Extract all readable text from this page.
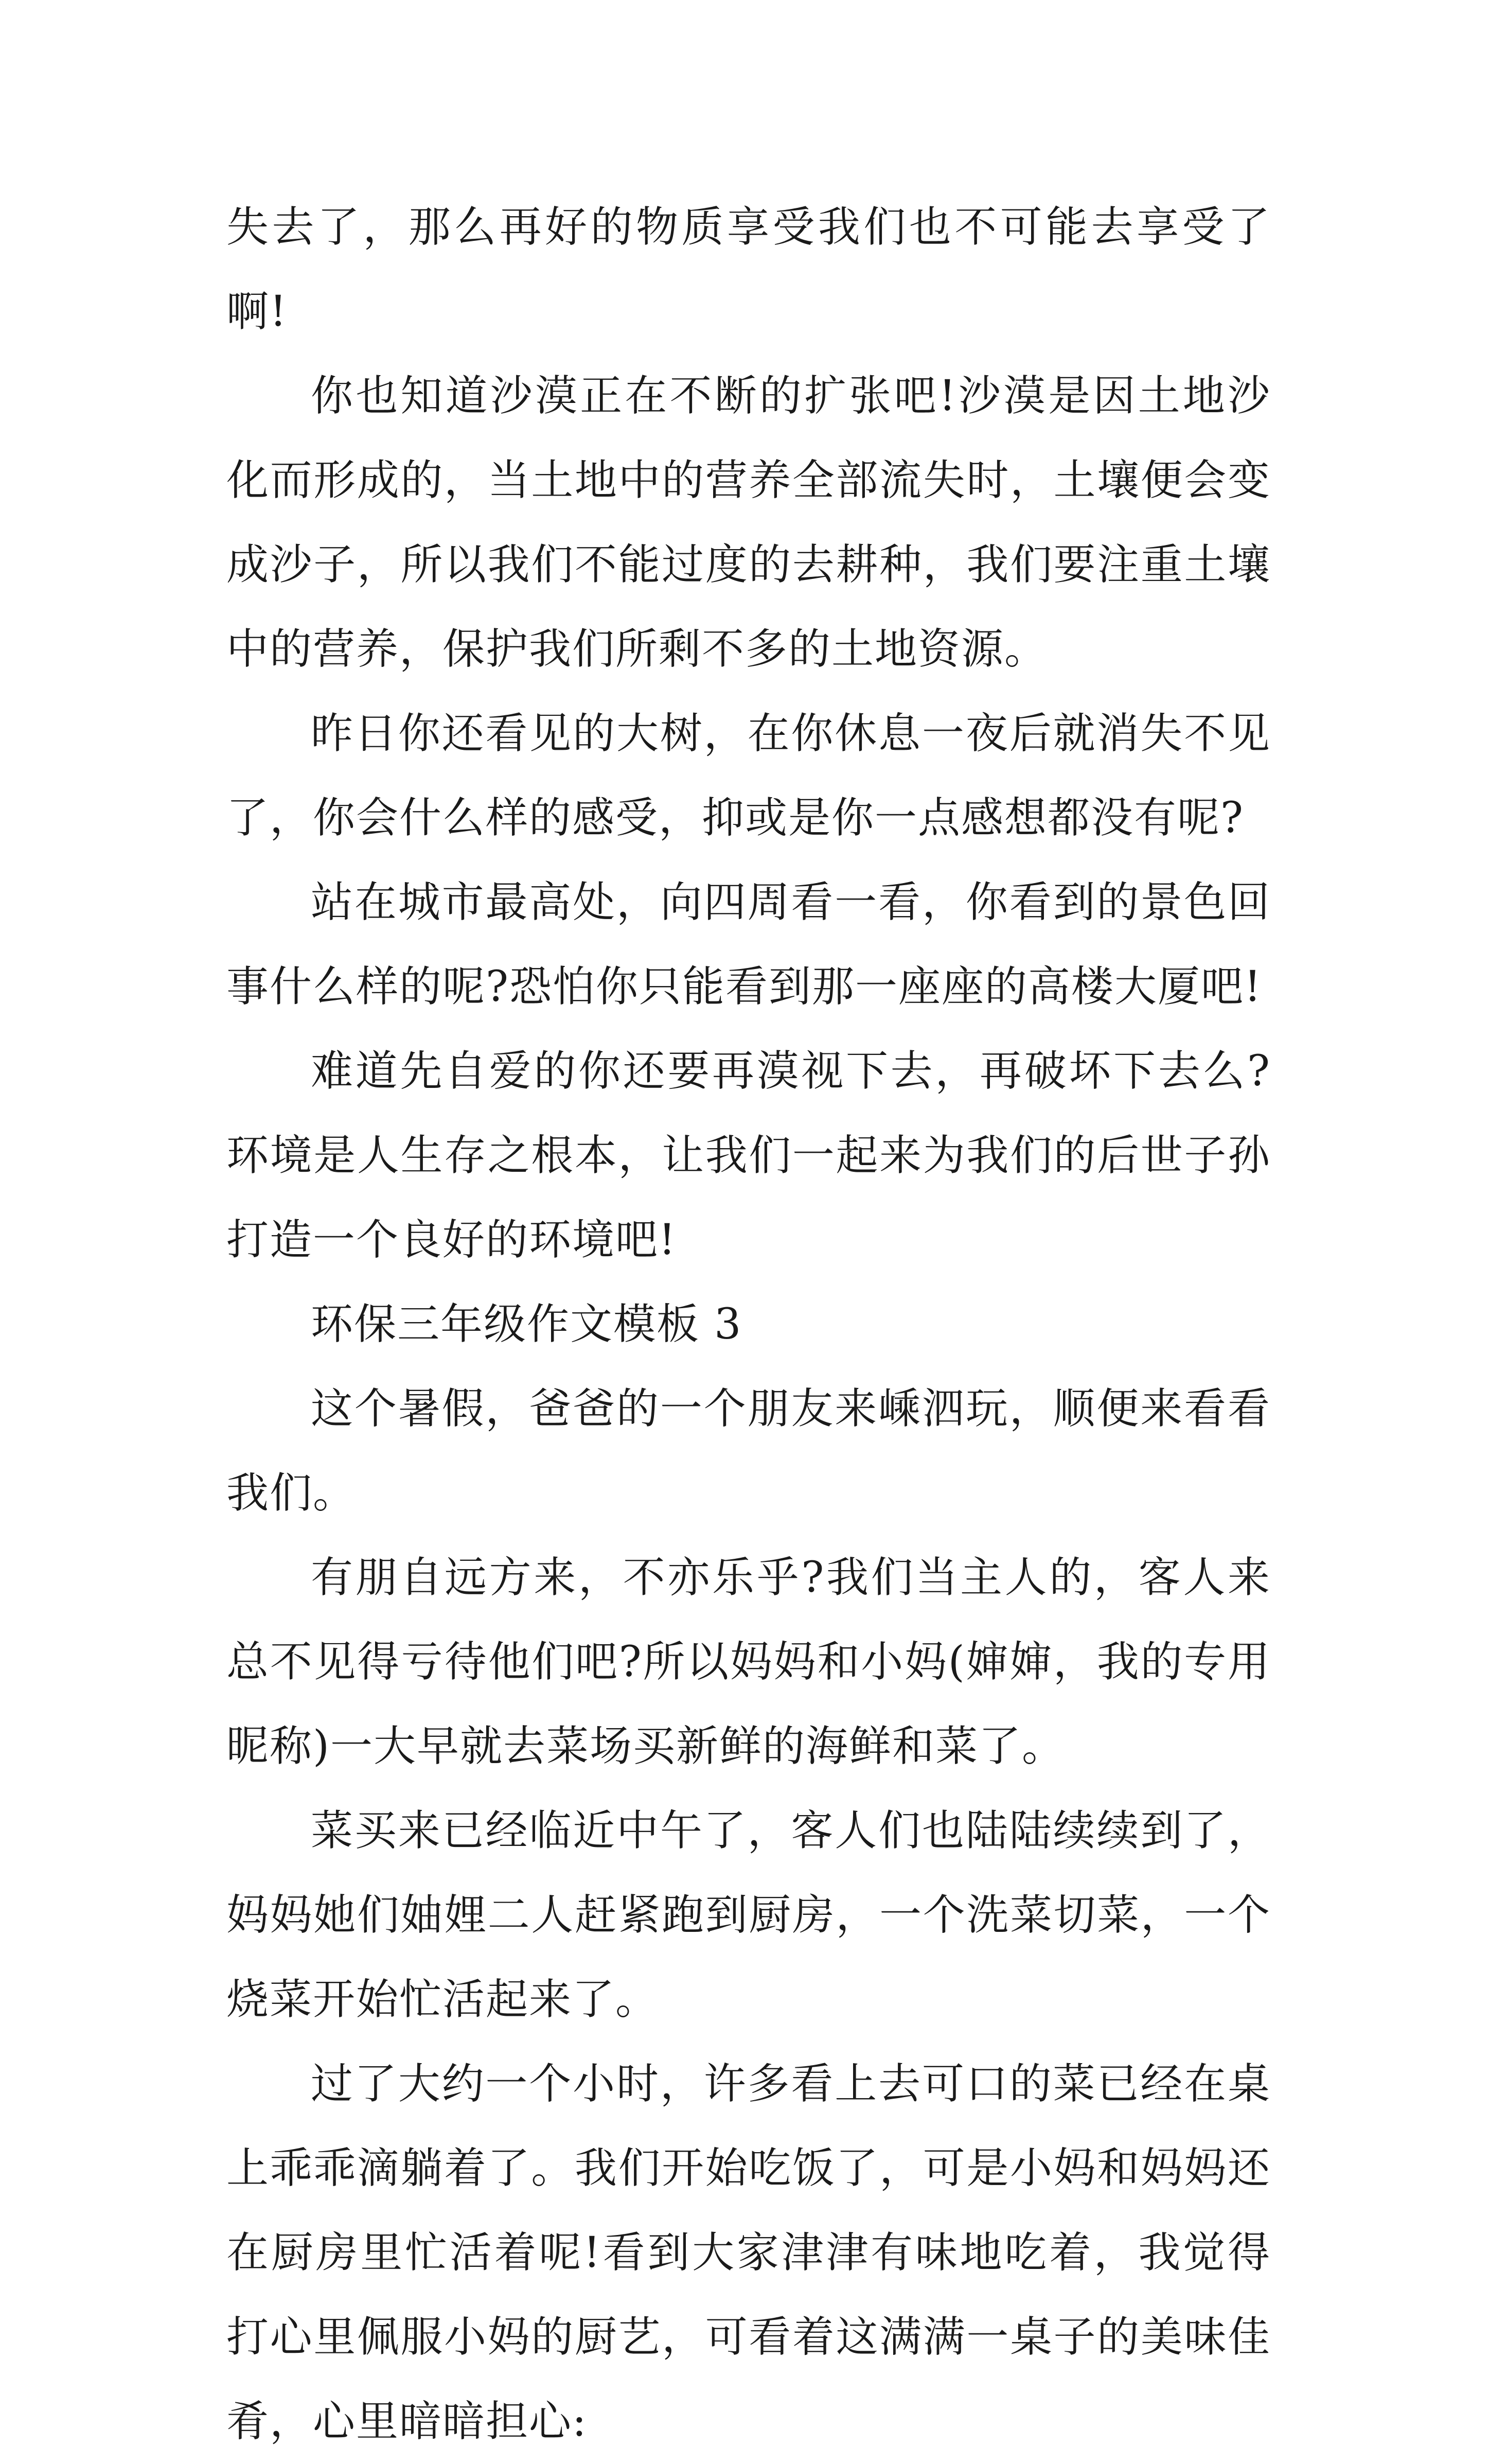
失去了，那么再好的物质享受我们也不可能去享受了啊!

你也知道沙漠正在不断的扩张吧!沙漠是因土地沙化而形成的，当土地中的营养全部流失时，土壤便会变成沙子，所以我们不能过度的去耕种，我们要注重土壤中的营养，保护我们所剩不多的土地资源。

昨日你还看见的大树，在你休息一夜后就消失不见了，你会什么样的感受，抑或是你一点感想都没有呢?

站在城市最高处，向四周看一看，你看到的景色回事什么样的呢?恐怕你只能看到那一座座的高楼大厦吧!

难道先自爱的你还要再漠视下去，再破坏下去么?环境是人生存之根本，让我们一起来为我们的后世子孙打造一个良好的环境吧!

环保三年级作文模板 3

这个暑假，爸爸的一个朋友来嵊泗玩，顺便来看看我们。

有朋自远方来，不亦乐乎?我们当主人的，客人来总不见得亏待他们吧?所以妈妈和小妈(婶婶，我的专用昵称)一大早就去菜场买新鲜的海鲜和菜了。

菜买来已经临近中午了，客人们也陆陆续续到了，妈妈她们妯娌二人赶紧跑到厨房，一个洗菜切菜，一个烧菜开始忙活起来了。

过了大约一个小时，许多看上去可口的菜已经在桌上乖乖滴躺着了。我们开始吃饭了，可是小妈和妈妈还在厨房里忙活着呢!看到大家津津有味地吃着，我觉得打心里佩服小妈的厨艺，可看着这满满一桌子的美味佳肴，心里暗暗担心:
